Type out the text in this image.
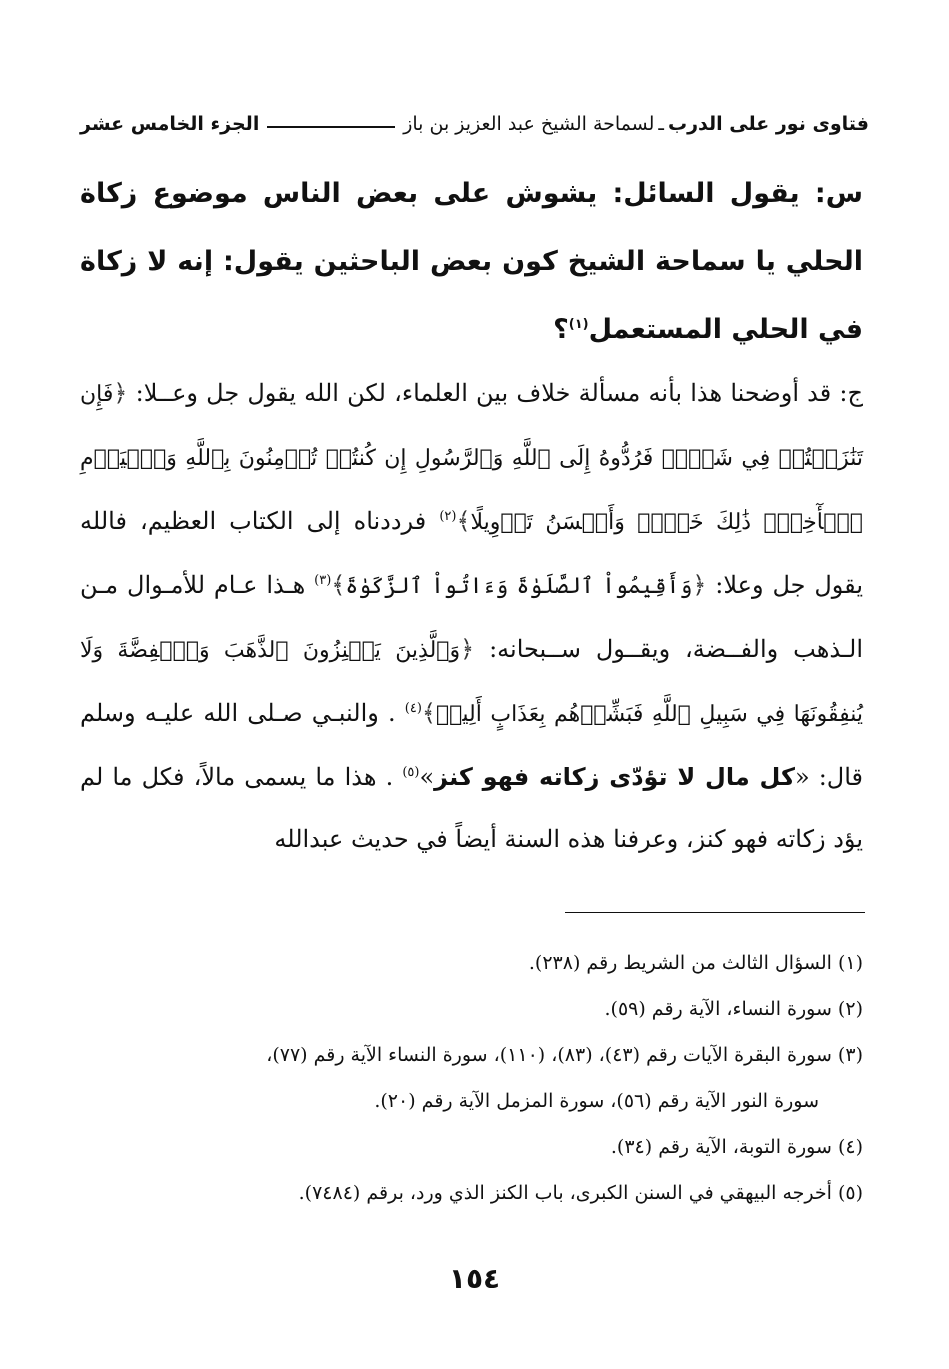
فتاوى نور على الدرب
ـ
لسماحة الشيخ عبد العزيز بن باز
الجزء الخامس عشر
س: يقول السائل: يشوش على بعض الناس موضوع زكاة الحلي يا سماحة الشيخ كون بعض الباحثين يقول: إنه لا زكاة في الحلي المستعمل$^{(١)}$؟
ج: قد أوضحنا هذا بأنه مسألة خلاف بين العلماء، لكن الله يقول جل وعــلا: ﴿فَإِن تَنَٰزَعۡتُمۡ فِي شَيۡءٖ فَرُدُّوهُ إِلَى ٱللَّهِ وَٱلرَّسُولِ إِن كُنتُمۡ تُؤۡمِنُونَ بِٱللَّهِ وَٱلۡيَوۡمِ ٱلۡأٓخِرِۚ ذَٰلِكَ خَيۡرٞ وَأَحۡسَنُ تَأۡوِيلًا﴾$^{(٢)}$ فرددناه إلى الكتاب العظيم، فالله يقول جل وعلا: ﴿وَأَقِيمُواْ ٱلصَّلَوٰةَ وَءَاتُواْ ٱلزَّكَوٰةَ﴾$^{(٣)}$ هـذا عـام للأمـوال مـن الـذهب والفــضة، ويقــول ســبحانه: ﴿وَٱلَّذِينَ يَكۡنِزُونَ ٱلذَّهَبَ وَٱلۡفِضَّةَ وَلَا يُنفِقُونَهَا فِي سَبِيلِ ٱللَّهِ فَبَشِّرۡهُم بِعَذَابٍ أَلِيمٖ﴾$^{(٤)}$ . والنبـي صـلى الله عليـه وسلم قال: «كل مال لا تؤدّى زكاته فهو كنز»$^{(٥)}$ . هذا ما يسمى مالاً، فكل ما لم يؤد زكاته فهو كنز، وعرفنا هذه السنة أيضاً في حديث عبدالله

(١) السؤال الثالث من الشريط رقم (٢٣٨).

(٢) سورة النساء، الآية رقم (٥٩).

(٣) سورة البقرة الآيات رقم (٤٣)، (٨٣)، (١١٠)، سورة النساء الآية رقم (٧٧)،

سورة النور الآية رقم (٥٦)، سورة المزمل الآية رقم (٢٠).

(٤) سورة التوبة، الآية رقم (٣٤).

(٥) أخرجه البيهقي في السنن الكبرى، باب الكنز الذي ورد، برقم (٧٤٨٤).

١٥٤
